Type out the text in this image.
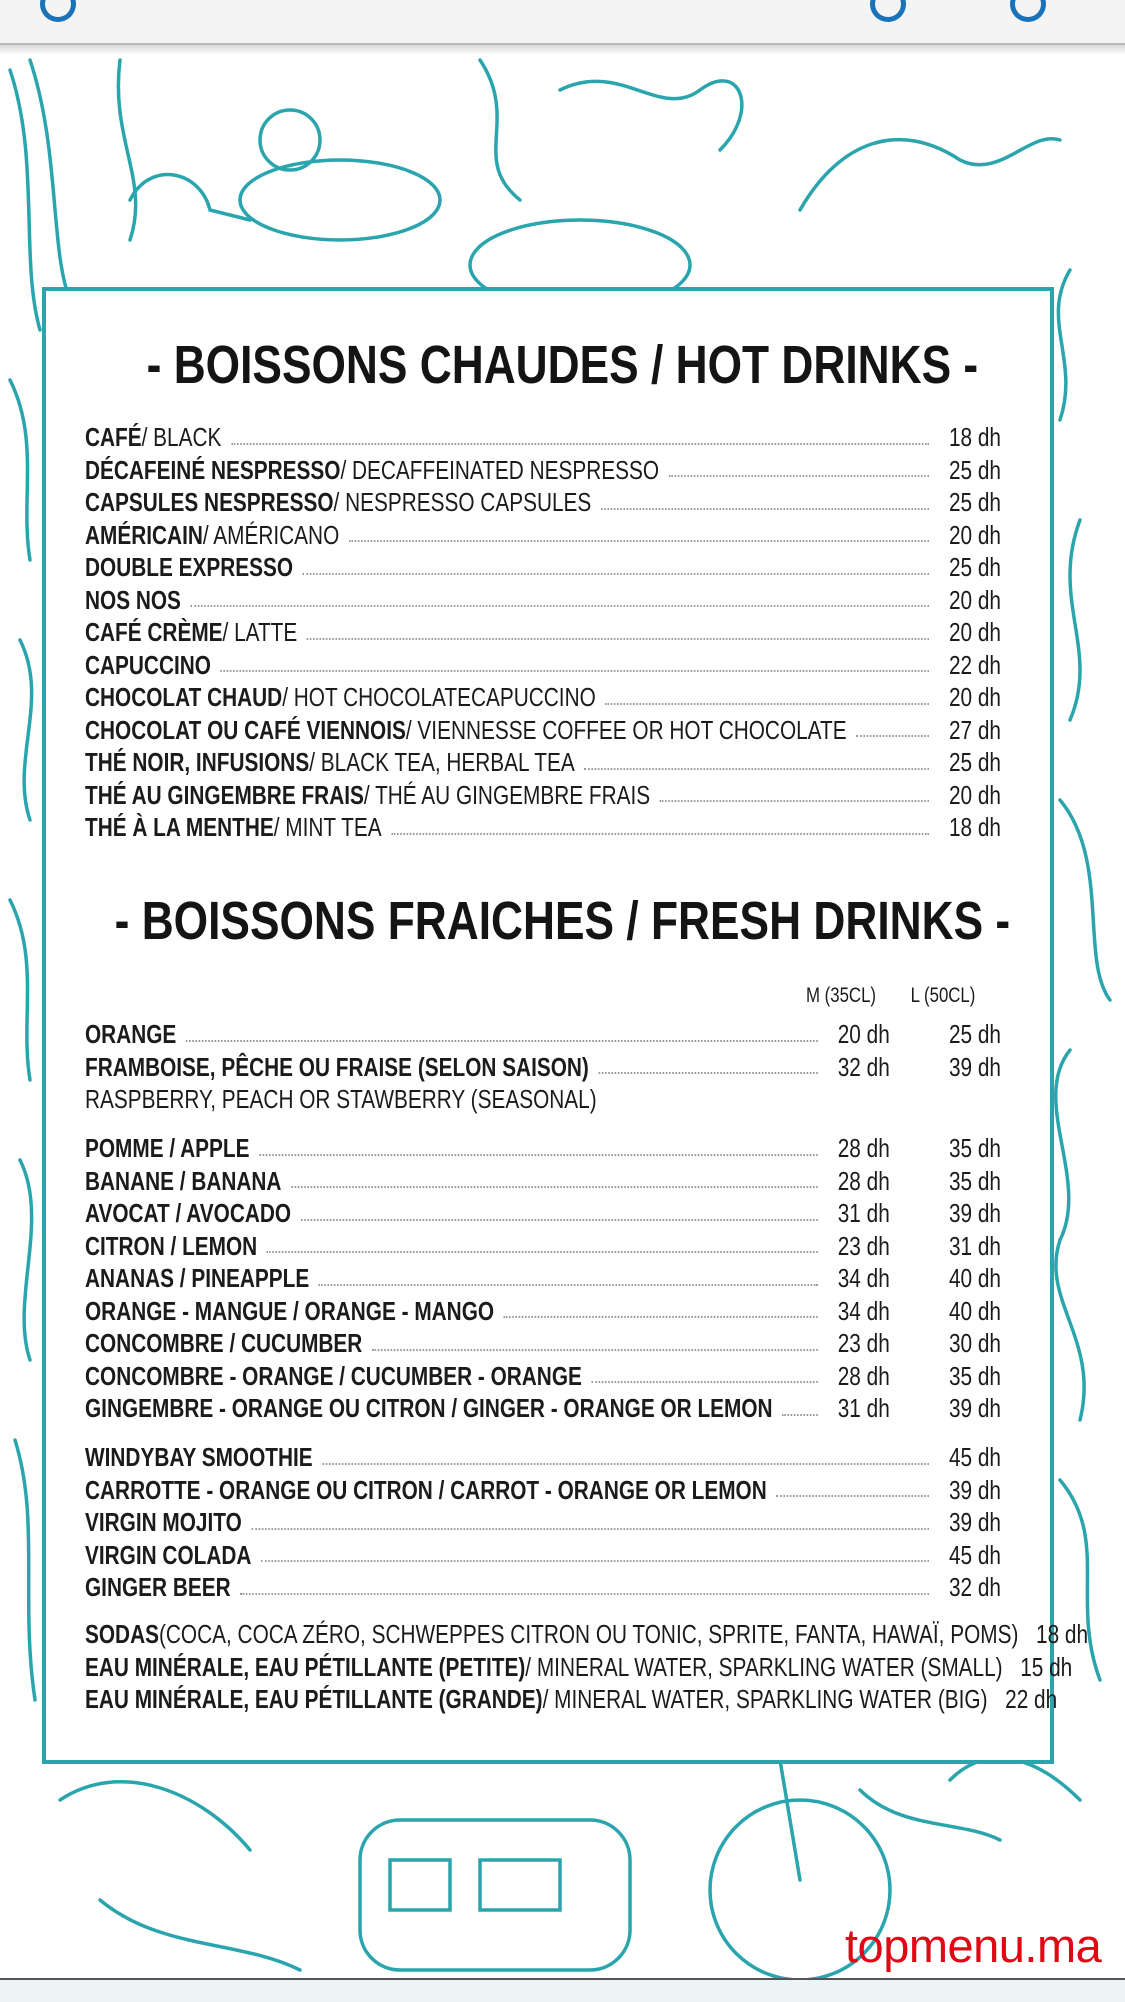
- BOISSONS CHAUDES / HOT DRINKS -
CAFÉ / BLACK	18 dh
DÉCAFEINÉ NESPRESSO / DECAFFEINATED NESPRESSO	25 dh
CAPSULES NESPRESSO / NESPRESSO CAPSULES	25 dh
AMÉRICAIN / AMÉRICANO	20 dh
DOUBLE EXPRESSO	25 dh
NOS NOS	20 dh
CAFÉ CRÈME / LATTE	20 dh
CAPUCCINO	22 dh
CHOCOLAT CHAUD / HOT CHOCOLATECAPUCCINO	20 dh
CHOCOLAT OU CAFÉ VIENNOIS / VIENNESSE COFFEE OR HOT CHOCOLATE	27 dh
THÉ NOIR, INFUSIONS / BLACK TEA, HERBAL TEA	25 dh
THÉ AU GINGEMBRE FRAIS / THÉ AU GINGEMBRE FRAIS	20 dh
THÉ À LA MENTHE / MINT TEA	18 dh
- BOISSONS FRAICHES / FRESH DRINKS -
M (35CL)	L (50CL)
ORANGE	20 dh	25 dh
FRAMBOISE, PÊCHE OU FRAISE (SELON SAISON)	32 dh	39 dh
RASPBERRY, PEACH OR STAWBERRY (SEASONAL)
POMME / APPLE	28 dh	35 dh
BANANE / BANANA	28 dh	35 dh
AVOCAT / AVOCADO	31 dh	39 dh
CITRON / LEMON	23 dh	31 dh
ANANAS / PINEAPPLE	34 dh	40 dh
ORANGE - MANGUE / ORANGE - MANGO	34 dh	40 dh
CONCOMBRE / CUCUMBER	23 dh	30 dh
CONCOMBRE - ORANGE / CUCUMBER - ORANGE	28 dh	35 dh
GINGEMBRE - ORANGE OU CITRON / GINGER - ORANGE OR LEMON	31 dh	39 dh
WINDYBAY SMOOTHIE	45 dh
CARROTTE - ORANGE OU CITRON / CARROT - ORANGE OR LEMON	39 dh
VIRGIN MOJITO	39 dh
VIRGIN COLADA	45 dh
GINGER BEER	32 dh
SODAS (COCA, COCA ZÉRO, SCHWEPPES CITRON OU TONIC, SPRITE, FANTA, HAWAÏ, POMS) 18 dh
EAU MINÉRALE, EAU PÉTILLANTE (PETITE) / MINERAL WATER, SPARKLING WATER (SMALL) 15 dh
EAU MINÉRALE, EAU PÉTILLANTE (GRANDE) / MINERAL WATER, SPARKLING WATER (BIG) 22 dh
topmenu.ma
